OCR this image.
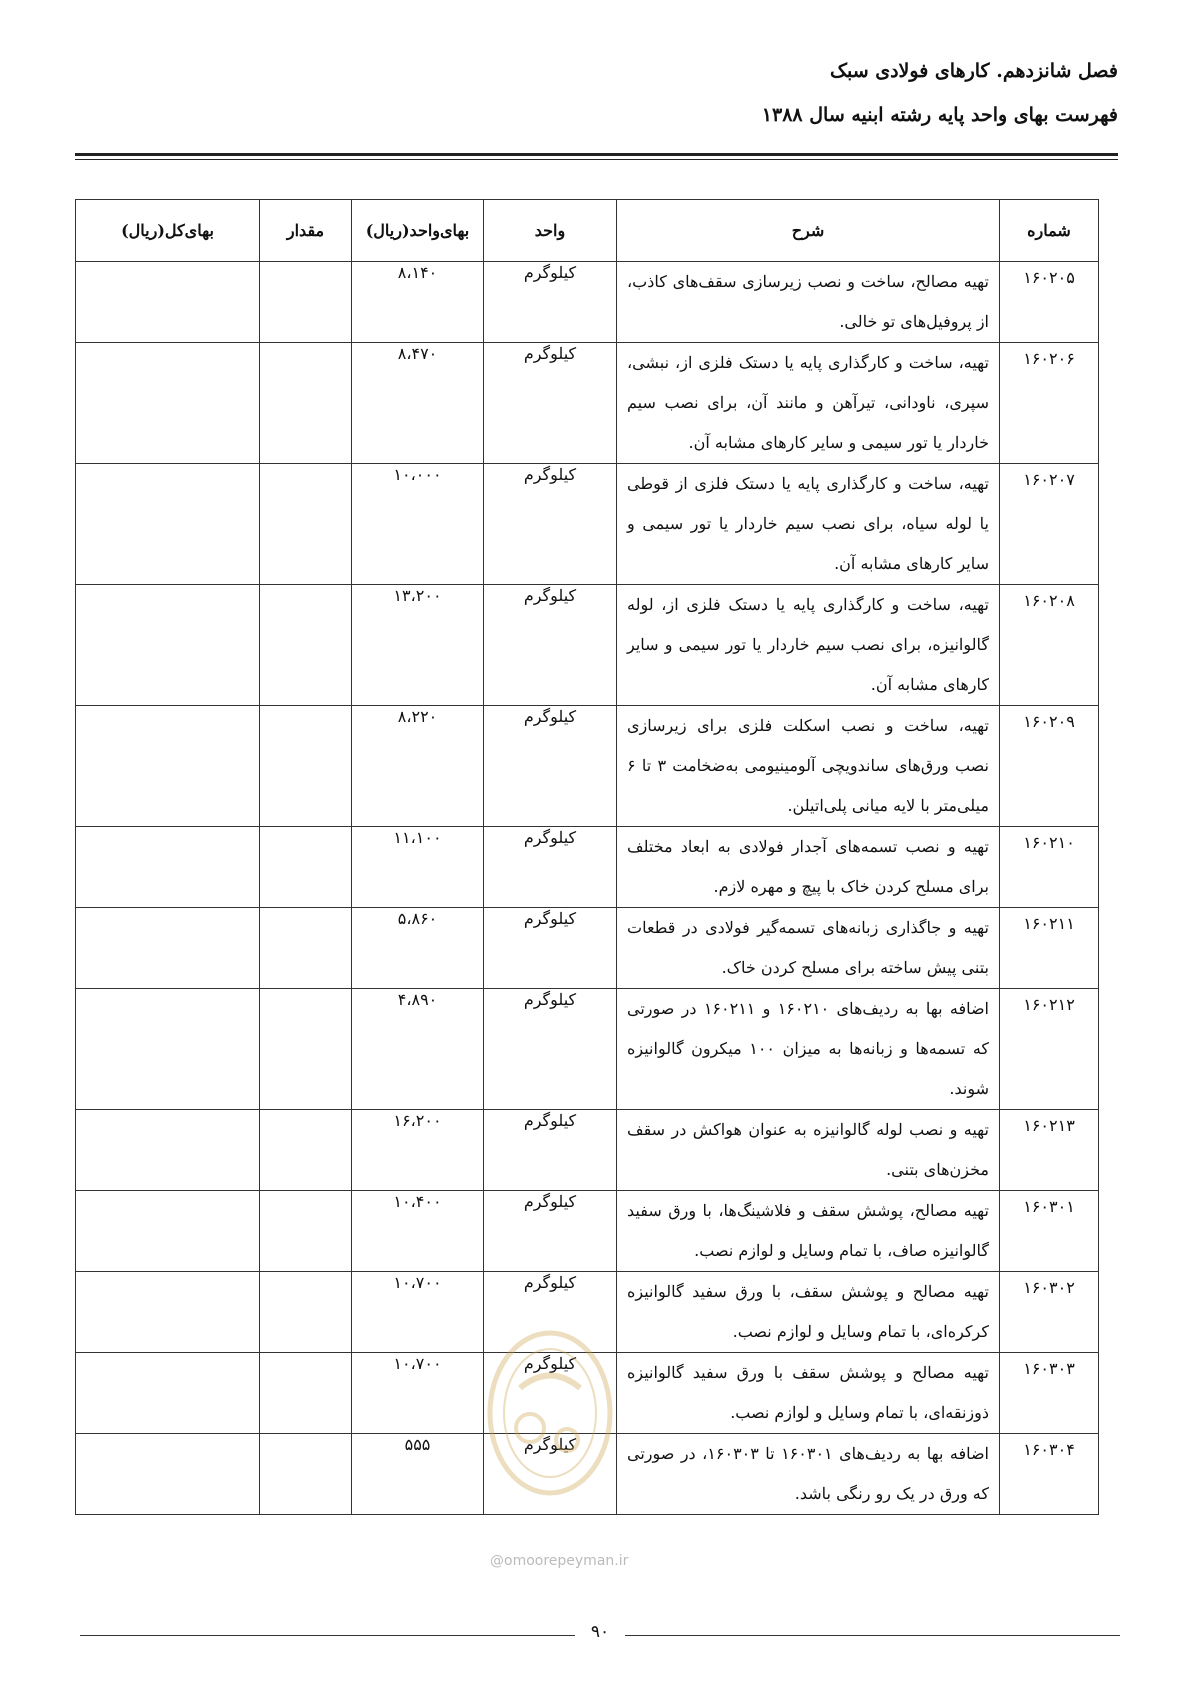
فصل شانزدهم. کارهای فولادی سبک
فهرست بهای واحد پایه رشته ابنیه سال ۱۳۸۸
شماره	شرح	واحد	بهای‌واحد(ریال)	مقدار	بهای‌کل(ریال)
۱۶۰۲۰۵	تهیه مصالح، ساخت و نصب زیرسازی سقف‌های کاذب، از پروفیل‌های تو خالی.	کیلوگرم	۸،۱۴۰		
۱۶۰۲۰۶	تهیه، ساخت و کارگذاری پایه یا دستک فلزی از، نبشی، سپری، ناودانی، تیرآهن و مانند آن، برای نصب سیم خاردار یا تور سیمی و سایر کارهای مشابه آن.	کیلوگرم	۸،۴۷۰		
۱۶۰۲۰۷	تهیه، ساخت و کارگذاری پایه یا دستک فلزی از قوطی یا لوله سیاه، برای نصب سیم خاردار یا تور سیمی و سایر کارهای مشابه آن.	کیلوگرم	۱۰،۰۰۰		
۱۶۰۲۰۸	تهیه، ساخت و کارگذاری پایه یا دستک فلزی از، لوله گالوانیزه، برای نصب سیم خاردار یا تور سیمی و سایر کارهای مشابه آن.	کیلوگرم	۱۳،۲۰۰		
۱۶۰۲۰۹	تهیه، ساخت و نصب اسکلت فلزی برای زیرسازی نصب ورق‌های ساندویچی آلومینیومی به‌ضخامت ۳ تا ۶ میلی‌متر با لایه میانی پلی‌اتیلن.	کیلوگرم	۸،۲۲۰		
۱۶۰۲۱۰	تهیه و نصب تسمه‌های آجدار فولادی به ابعاد مختلف برای مسلح کردن خاک با پیچ و مهره لازم.	کیلوگرم	۱۱،۱۰۰		
۱۶۰۲۱۱	تهیه و جاگذاری زبانه‌های تسمه‌گیر فولادی در قطعات بتنی پیش ساخته برای مسلح کردن خاک.	کیلوگرم	۵،۸۶۰		
۱۶۰۲۱۲	اضافه بها به ردیف‌های ۱۶۰۲۱۰ و ۱۶۰۲۱۱ در صورتی که تسمه‌ها و زبانه‌ها به میزان ۱۰۰ میکرون گالوانیزه شوند.	کیلوگرم	۴،۸۹۰		
۱۶۰۲۱۳	تهیه و نصب لوله گالوانیزه به عنوان هواکش در سقف مخزن‌های بتنی.	کیلوگرم	۱۶،۲۰۰		
۱۶۰۳۰۱	تهیه مصالح، پوشش سقف و فلاشینگ‌ها، با ورق سفید گالوانیزه صاف، با تمام وسایل و لوازم نصب.	کیلوگرم	۱۰،۴۰۰		
۱۶۰۳۰۲	تهیه مصالح و پوشش سقف، با ورق سفید گالوانیزه کرکره‌ای، با تمام وسایل و لوازم نصب.	کیلوگرم	۱۰،۷۰۰		
۱۶۰۳۰۳	تهیه مصالح و پوشش سقف با ورق سفید گالوانیزه ذوزنقه‌ای، با تمام وسایل و لوازم نصب.	کیلوگرم	۱۰،۷۰۰		
۱۶۰۳۰۴	اضافه بها به ردیف‌های ۱۶۰۳۰۱ تا ۱۶۰۳۰۳، در صورتی که ورق در یک رو رنگی باشد.	کیلوگرم	۵۵۵		
@omoorepeyman.ir
۹۰
